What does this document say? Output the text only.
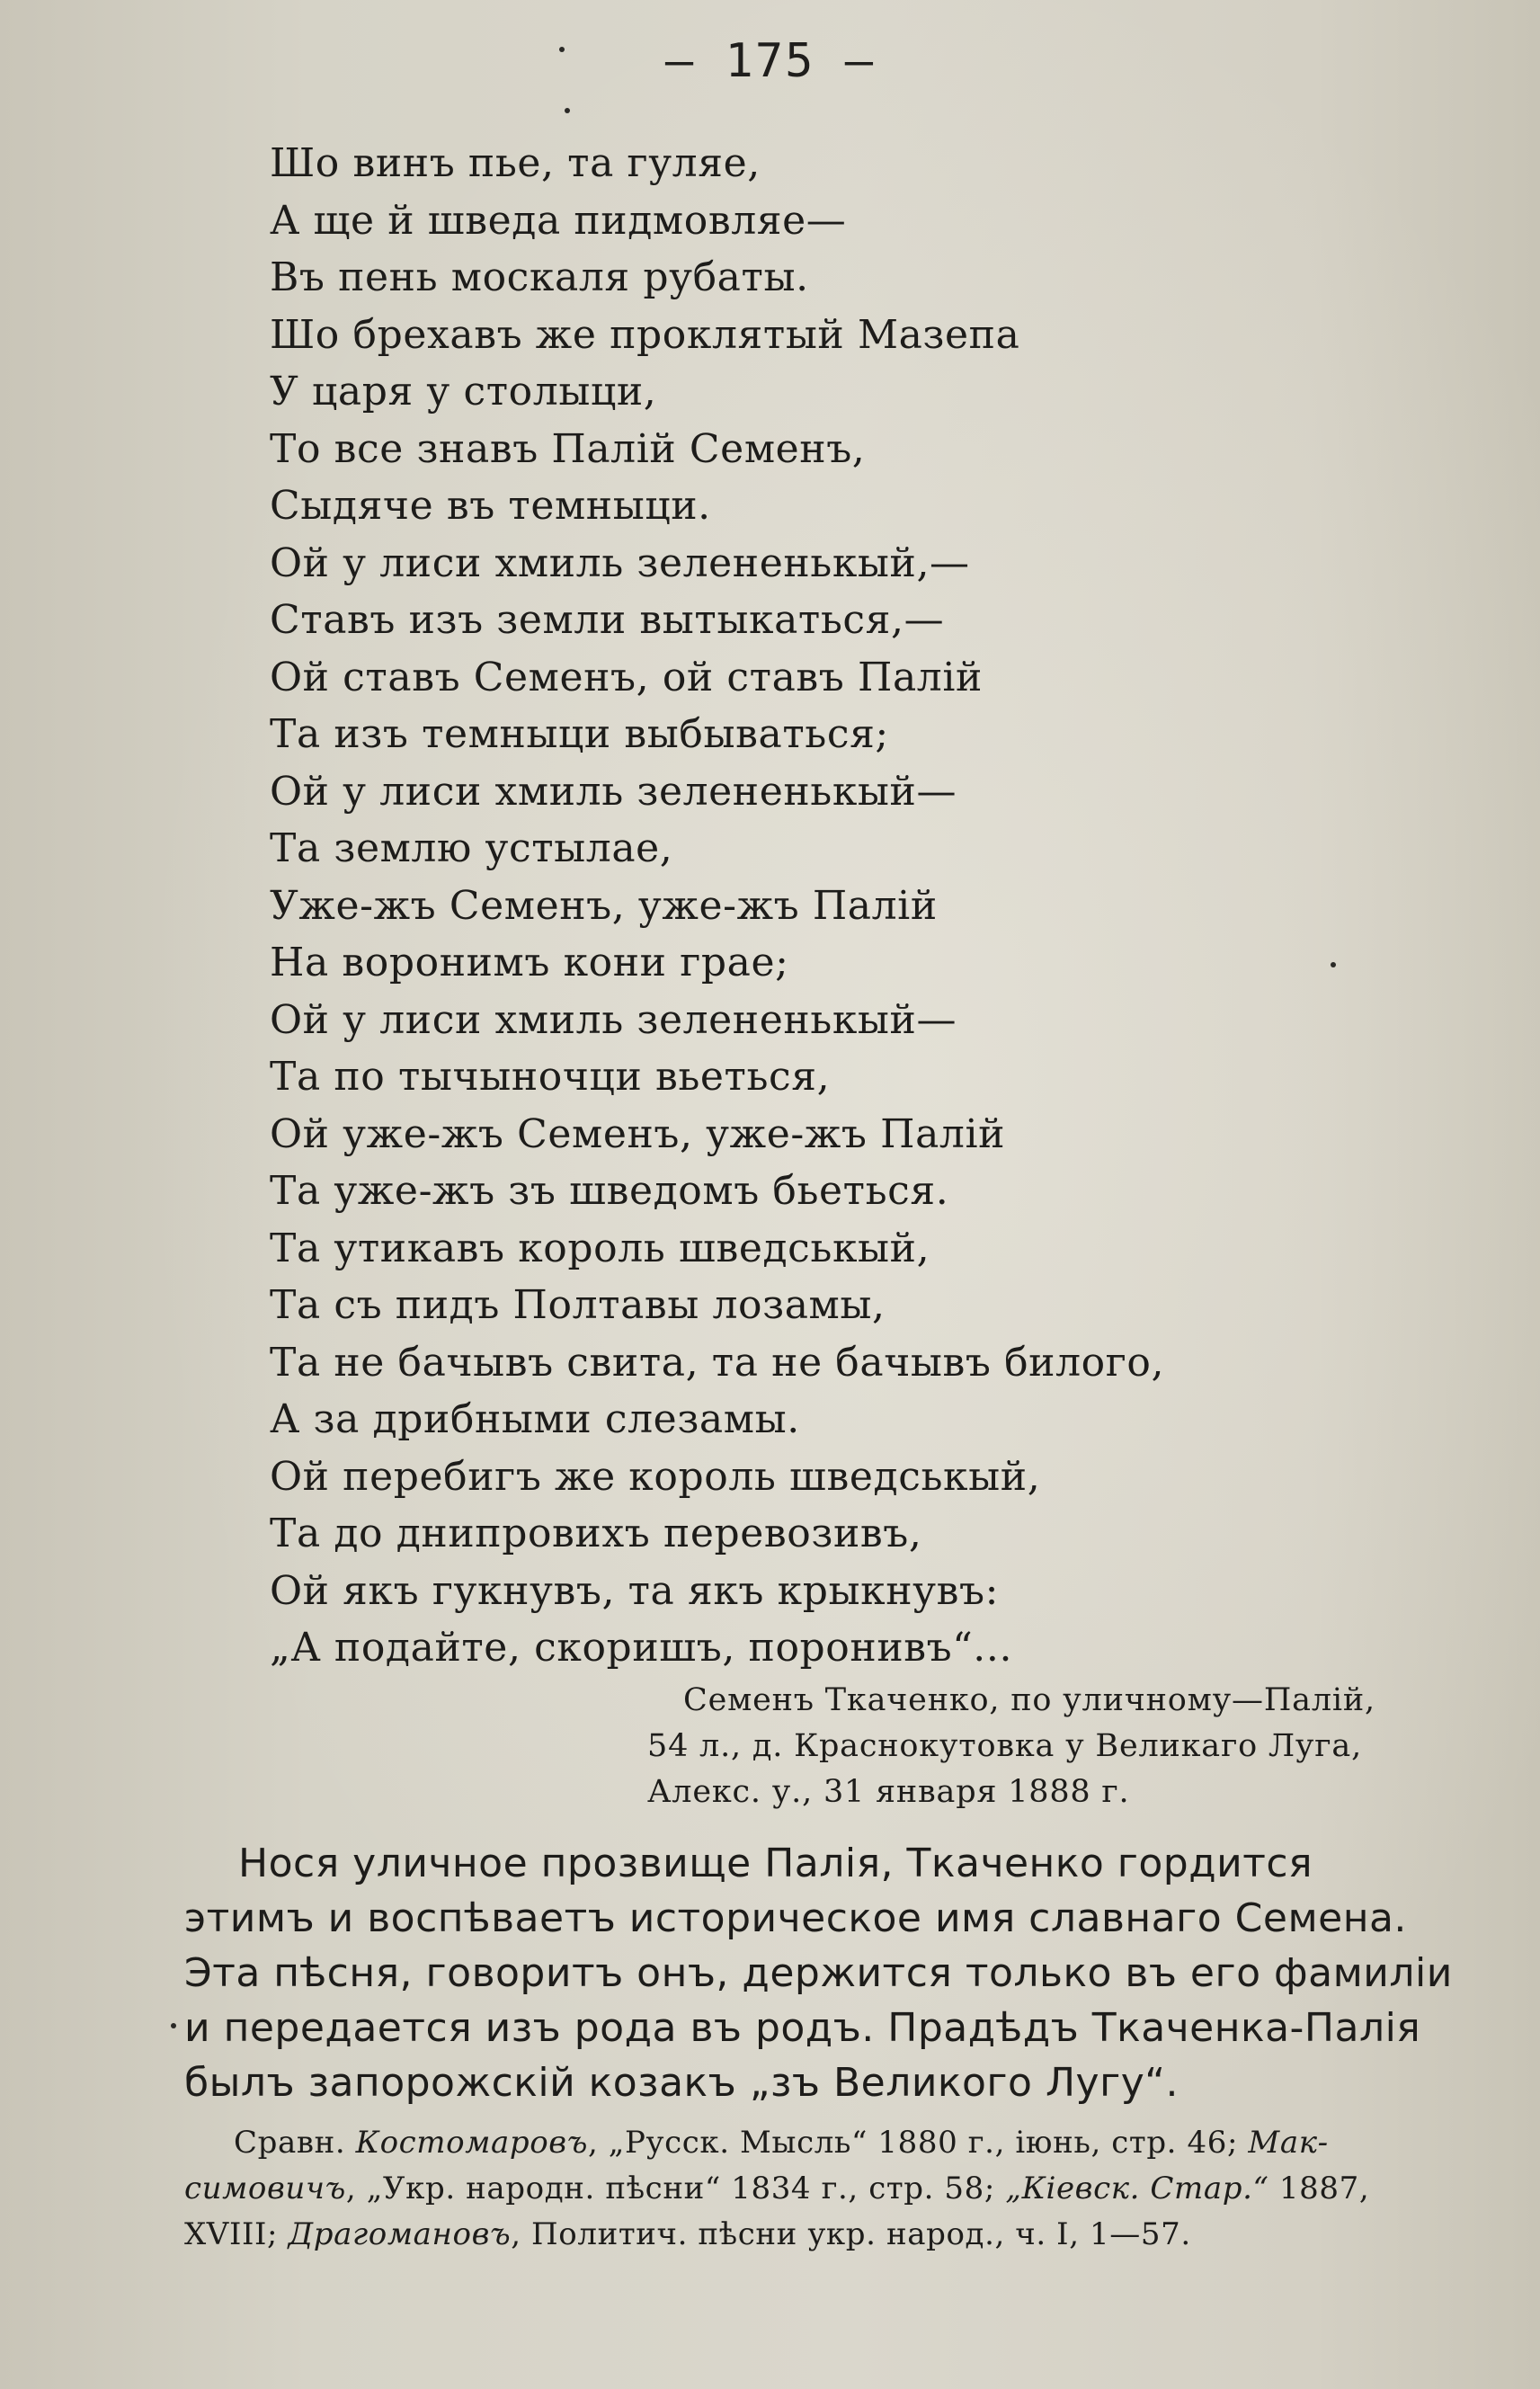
— 175 —
Шо винъ пье, та гуляе,
А ще й шведа пидмовляе—
Въ пень москаля рубаты.
Шо брехавъ же проклятый Мазепа
У царя у столыци,
То все знавъ Палій Семенъ,
Сыдяче въ темныци.
Ой у лиси хмиль зелененькый,—
Ставъ изъ земли вытыкаться,—
Ой ставъ Семенъ, ой ставъ Палій
Та изъ темныци выбываться;
Ой у лиси хмиль зелененькый—
Та землю устылае,
Уже-жъ Семенъ, уже-жъ Палій
На воронимъ кони грае;
Ой у лиси хмиль зелененькый—
Та по тычыночци вьеться,
Ой уже-жъ Семенъ, уже-жъ Палій
Та уже-жъ зъ шведомъ бьеться.
Та утикавъ король шведськый,
Та съ пидъ Полтавы лозамы,
Та не бачывъ свита, та не бачывъ билого,
А за дрибными слезамы.
Ой перебигъ же король шведськый,
Та до днипровихъ перевозивъ,
Ой якъ гукнувъ, та якъ крыкнувъ:
„А подайте, скоришъ, поронивъ“...
Семенъ Ткаченко, по уличному—Палій,
54 л., д. Краснокутовка у Великаго Луга,
Алекс. у., 31 января 1888 г.
Нося уличное прозвище Палія, Ткаченко гордится
этимъ и воспѣваетъ историческое имя славнаго Семена.
Эта пѣсня, говоритъ онъ, держится только въ его фамиліи
и передается изъ рода въ родъ. Прадѣдъ Ткаченка-Палія
былъ запорожскій козакъ „зъ Великого Лугу“.
Сравн. Костомаровъ, „Русск. Мысль“ 1880 г., іюнь, стр. 46; Мак-
симовичъ, „Укр. народн. пѣсни“ 1834 г., стр. 58; „Кіевск. Стар.“ 1887,
XVIII; Драгомановъ, Политич. пѣсни укр. народ., ч. I, 1—57.
